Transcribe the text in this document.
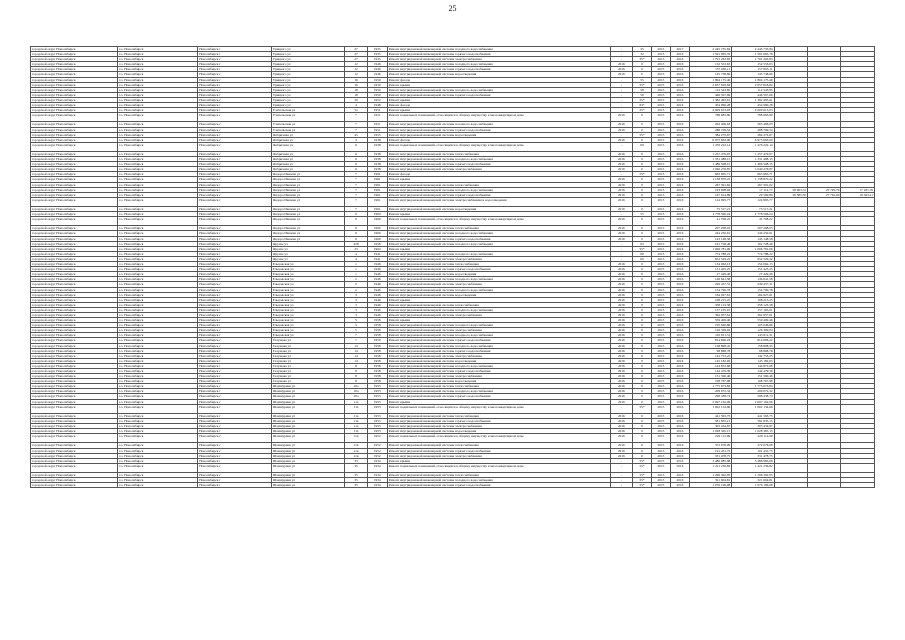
25
городской округ Новосибирск	г.о. Новосибирск	Новосибирск г	Урицкого ул	27	1935	Ремонт внутридомовой инженерной системы холодного водоснабжения	-	35	2015	2017	2 245 735,84	2 245 735,84			
городской округ Новосибирск	г.о. Новосибирск	Новосибирск г	Урицкого ул	27	1935	Ремонт внутридомовой инженерной системы горячего водоснабжения	-	32	2015	2016	1 591 065,76	1 591 065,76			
городской округ Новосибирск	г.о. Новосибирск	Новосибирск г	Урицкого ул	27	1935	Ремонт внутридомовой инженерной системы электроснабжения	-	35*	2015	2016	1 791 263,83	1 791 263,83			
городской округ Новосибирск	г.о. Новосибирск	Новосибирск г	Урицкого ул	12	1946	Ремонт внутридомовой инженерной системы холодного водоснабжения	2016	0	2015	2016	152 553,63	152 553,63			
городской округ Новосибирск	г.о. Новосибирск	Новосибирск г	Урицкого ул	12	1946	Ремонт внутридомовой инженерной системы горячего водоснабжения	2016	0	2015	2016	157 065,11	157 065,11			
городской округ Новосибирск	г.о. Новосибирск	Новосибирск г	Урицкого ул	12	1946	Ремонт внутридомовой инженерной системы водоотведения	2016	0	2015	2016	145 738,69	145 738,69			
городской округ Новосибирск	г.о. Новосибирск	Новосибирск г	Урицкого ул	16	1950	Ремонт фасада	-	55	2015	2016	1 804 175,46	1 804 175,46			
городской округ Новосибирск	г.о. Новосибирск	Новосибирск г	Урицкого ул	16	1950	Ремонт крыши	-	55*	2015	2016	2 657 818,84	2 657 818,84			
городской округ Новосибирск	г.о. Новосибирск	Новосибирск г	Урицкого ул	18	1950	Ремонт внутридомовой инженерной системы холодного водоснабжения	-	58	2015	2016	112 543,85	112 543,85			
городской округ Новосибирск	г.о. Новосибирск	Новосибирск г	Урицкого ул	18	1950	Ремонт внутридомовой инженерной системы горячего водоснабжения	-	59	2015	2016	446 507,69	446 507,69			
городской округ Новосибирск	г.о. Новосибирск	Новосибирск г	Урицкого ул	20	1952	Ремонт крыши	-	55*	2015	2016	1 382 493,61	1 382 493,61			
городской округ Новосибирск	г.о. Новосибирск	Новосибирск г	Урицкого ул	4	1948	Ремонт фасада	-	63*	2015	2016	454 990,28	454 990,28			
городской округ Новосибирск	г.о. Новосибирск	Новосибирск г	Учительская ул	5а	1951	Ремонт крыши	-	55*	2015	2016	4 609 613,03	4 609 613,03			
городской округ Новосибирск	г.о. Новосибирск	Новосибирск г	Учительская ул	7	1951	Ремонт подвальных помещений, относящихся к общему имуществу в многоквартирном доме	2016	0	2015	2016	788 683,80	788 683,80			
городской округ Новосибирск	г.о. Новосибирск	Новосибирск г	Учительская ул	7	1951	Ремонт внутридомовой инженерной системы холодного водоснабжения	2016	0	2015	2016	263 406,63	263 406,63			
городской округ Новосибирск	г.о. Новосибирск	Новосибирск г	Учительская ул	7	1951	Ремонт внутридомовой инженерной системы горячего водоснабжения	2016	0	2015	2016	288 709,54	288 709,54			
городской округ Новосибирск	г.о. Новосибирск	Новосибирск г	Фабричная ул	45	1955	Ремонт внутридомовой инженерной системы водоотведения	-	55*	2015	2016	384 272,67	384 272,67			
городской округ Новосибирск	г.о. Новосибирск	Новосибирск г	Фабричная ул	4	1938	Ремонт фасада	2016	0	2015	2016	6 975 663,00	6 975 663,00			
городской округ Новосибирск	г.о. Новосибирск	Новосибирск г	Фабричная ул	6	1938	Ремонт подвальных помещений, относящихся к общему имуществу в многоквартирном доме	-	69	2015	2016	1 476 222,14	1 476 222,14			
городской округ Новосибирск	г.о. Новосибирск	Новосибирск г	Фабричная ул	6	1938	Ремонт внутридомовой инженерной системы теплоснабжения	2016	0	2015	2016	1 257 479,97	1 257 479,97			
городской округ Новосибирск	г.о. Новосибирск	Новосибирск г	Фабричная ул	6	1938	Ремонт внутридомовой инженерной системы холодного водоснабжения	2016	0	2015	2016	1 331 488,15	1 331 488,15			
городской округ Новосибирск	г.о. Новосибирск	Новосибирск г	Фабричная ул	6	1938	Ремонт внутридомовой инженерной системы горячего водоснабжения	2016	0	2015	2016	1 486 508,15	1 486 508,15			
городской округ Новосибирск	г.о. Новосибирск	Новосибирск г	Фабричная ул	6	1938	Ремонт внутридомовой инженерной системы электроснабжения	2016	0	2015	2016	1 040 276,87	1 040 276,87			
городской округ Новосибирск	г.о. Новосибирск	Новосибирск г	Федора Ивачева ул	7	1961	Ремонт фасада	-	55*	2015	2016	663 965,71	663 965,71			
городской округ Новосибирск	г.о. Новосибирск	Новосибирск г	Федора Ивачева ул	7	1961	Ремонт крыши	2016	0	2015	2016	1 138 870,22	1 138 870,22			
городской округ Новосибирск	г.о. Новосибирск	Новосибирск г	Федора Ивачева ул	7	1961	Ремонт внутридомовой инженерной системы теплоснабжения	2016	0	2015	2016	267 391,62	267 391,62			
городской округ Новосибирск	г.о. Новосибирск	Новосибирск г	Федора Ивачева ул	7	1961	Ремонт внутридомовой инженерной системы холодного водоснабжения	2016	0	2015	2016	193 908,94	17 114,77	28 903,72	20 705,79	17 181,76
городской округ Новосибирск	г.о. Новосибирск	Новосибирск г	Федора Ивачева ул	7	1961	Ремонт внутридомовой инженерной системы горячего водоснабжения	2016	0	2015	2016	167 914,89	29 590,89	26 585,50	27 761,00	16 563,21
городской округ Новосибирск	г.о. Новосибирск	Новосибирск г	Федора Ивачева ул	7	1961	Ремонт внутридомовой инженерной системы электроснабжения и водоотведения	2016	0	2015	2016	124 995,77	124 995,77			
городской округ Новосибирск	г.о. Новосибирск	Новосибирск г	Федора Ивачева ул	7	1961	Ремонт внутридомовой инженерной системы водоотведения	2016	0	2015	2016	75 517,21	75 517,21			
городской округ Новосибирск	г.о. Новосибирск	Новосибирск г	Федора Ивачева ул	9	1960	Ремонт крыши	-	55	2015	2016	1 778 506,24	1 778 506,24			
городской округ Новосибирск	г.о. Новосибирск	Новосибирск г	Федора Ивачева ул	9	1960	Ремонт подвальных помещений, относящихся к общему имуществу в многоквартирном доме	2016	0	2015	2016	41 708,22	41 708,22			
городской округ Новосибирск	г.о. Новосибирск	Новосибирск г	Федора Ивачева ул	9	1960	Ремонт внутридомовой инженерной системы теплоснабжения	2016	0	2015	2016	207 268,03	207 268,03			
городской округ Новосибирск	г.о. Новосибирск	Новосибирск г	Федора Ивачева ул	9	1960	Ремонт внутридомовой инженерной системы холодного водоснабжения	2016	0	2015	2016	244 250,61	244 250,61			
городской округ Новосибирск	г.о. Новосибирск	Новосибирск г	Федора Ивачева ул	9	1960	Ремонт внутридомовой инженерной системы горячего водоснабжения	2016	0	2015	2016	143 148,58	143 148,58			
городской округ Новосибирск	г.о. Новосибирск	Новосибирск г	Фрунзе ул	228	1958	Ремонт внутридомовой инженерной системы холодного водоснабжения	-	63	2015	2016	191 728,49	191 728,49			
городской округ Новосибирск	г.о. Новосибирск	Новосибирск г	Фрунзе ул	23	1964	Ремонт крыши	-	55*	2015	2016	1 006 781,06	1 006 781,06			
городской округ Новосибирск	г.о. Новосибирск	Новосибирск г	Фрунзе ул	4	1941	Ремонт внутридомовой инженерной системы холодного водоснабжения	-	60	2015	2016	774 788,22	774 788,22			
городской округ Новосибирск	г.о. Новосибирск	Новосибирск г	Фрунзе ул	4	1941	Ремонт внутридомовой инженерной системы электроснабжения	-	60	2015	2016	652 529,22	652 529,22			
городской округ Новосибирск	г.о. Новосибирск	Новосибирск г	Ельцовская ул	1	1946	Ремонт внутридомовой инженерной системы теплоснабжения	2016	0	2015	2016	154 062,13	154 062,13			
городской округ Новосибирск	г.о. Новосибирск	Новосибирск г	Ельцовская ул	1	1946	Ремонт внутридомовой инженерной системы горячего водоснабжения	2016	0	2015	2016	151 425,25	151 425,25			
городской округ Новосибирск	г.о. Новосибирск	Новосибирск г	Ельцовская ул	1	1946	Ремонт внутридомовой инженерной системы водоотведения	2016	0	2015	2016	27 429,46	27 429,46			
городской округ Новосибирск	г.о. Новосибирск	Новосибирск г	Ельцовская ул	2	1946	Ремонт внутридомовой инженерной системы холодного водоснабжения	2016	0	2015	2016	146 641,58	146 641,58			
городской округ Новосибирск	г.о. Новосибирск	Новосибирск г	Ельцовская ул	2	1946	Ремонт внутридомовой инженерной системы электроснабжения	2016	0	2015	2016	249 457,31	249 457,31			
городской округ Новосибирск	г.о. Новосибирск	Новосибирск г	Ельцовская ул	2	1946	Ремонт внутридомовой инженерной системы холодного водоснабжения	2016	0	2015	2016	154 790,78	154 790,78			
городской округ Новосибирск	г.о. Новосибирск	Новосибирск г	Ельцовская ул	3	1946	Ремонт внутридомовой инженерной системы водоотведения	2016	0	2015	2016	164 927,61	164 927,61			
городской округ Новосибирск	г.о. Новосибирск	Новосибирск г	Ельцовская ул	3	1946	Ремонт крыши	2016	0	2015	2016	198 215,25	198 215,25			
городской округ Новосибирск	г.о. Новосибирск	Новосибирск г	Ельцовская ул	3	1946	Ремонт внутридомовой инженерной системы теплоснабжения	2016	0	2015	2016	358 123,58	358 123,58			
городской округ Новосибирск	г.о. Новосибирск	Новосибирск г	Ельцовская ул	3	1946	Ремонт внутридомовой инженерной системы холодного водоснабжения	2016	0	2015	2016	157 105,01	157 105,01			
городской округ Новосибирск	г.о. Новосибирск	Новосибирск г	Ельцовская ул	3	1946	Ремонт внутридомовой инженерной системы электроснабжения	2016	0	2015	2016	362 957,61	362 957,61			
городской округ Новосибирск	г.о. Новосибирск	Новосибирск г	Ельцовская ул	5	1958	Ремонт крыши	2016	0	2015	2016	559 409,46	559 409,46			
городской округ Новосибирск	г.о. Новосибирск	Новосибирск г	Ельцовская ул	5	1958	Ремонт внутридомовой инженерной системы холодного водоснабжения	2016	0	2015	2016	195 646,86	195 646,86			
городской округ Новосибирск	г.о. Новосибирск	Новосибирск г	Ельцовская ул	5	1958	Ремонт внутридомовой инженерной системы электроснабжения	2016	0	2015	2016	126 309,04	126 309,04			
городской округ Новосибирск	г.о. Новосибирск	Новосибирск г	Ельцовская ул	7	1958	Ремонт внутридомовой инженерной системы холодного водоснабжения	2016	0	2015	2016	145 611,31	145 611,31			
городской округ Новосибирск	г.о. Новосибирск	Новосибирск г	Галущака ул	1	1950	Ремонт внутридомовой инженерной системы горячего водоснабжения	2016	0	2015	2016	814 696,22	814 696,22			
городской округ Новосибирск	г.о. Новосибирск	Новосибирск г	Галущака ул	14	1958	Ремонт внутридомовой инженерной системы холодного водоснабжения	2016	0	2015	2016	158 898,45	158 898,45			
городской округ Новосибирск	г.о. Новосибирск	Новосибирск г	Галущака ул	14	1958	Ремонт внутридомовой инженерной системы горячего водоснабжения	2016	0	2015	2016	98 868,78	98 868,78			
городской округ Новосибирск	г.о. Новосибирск	Новосибирск г	Галущака ул	14	1958	Ремонт внутридомовой инженерной системы электроснабжения	2016	0	2015	2016	142 753,25	142 753,25			
городской округ Новосибирск	г.о. Новосибирск	Новосибирск г	Галущака ул	14	1958	Ремонт внутридомовой инженерной системы водоотведения	2016	0	2015	2016	145 182,05	145 182,05			
городской округ Новосибирск	г.о. Новосибирск	Новосибирск г	Галущака ул	8	1958	Ремонт внутридомовой инженерной системы холодного водоснабжения	2016	0	2015	2016	144 872,68	144 872,68			
городской округ Новосибирск	г.о. Новосибирск	Новосибирск г	Галущака ул	8	1958	Ремонт внутридомовой инженерной системы горячего водоснабжения	2016	0	2015	2016	142 479,39	142 479,39			
городской округ Новосибирск	г.о. Новосибирск	Новосибирск г	Галущака ул	8	1958	Ремонт внутридомовой инженерной системы электроснабжения	2016	0	2015	2016	151 590,46	151 590,46			
городской округ Новосибирск	г.о. Новосибирск	Новосибирск г	Галущака ул	8	1958	Ремонт внутридомовой инженерной системы водоотведения	2016	0	2015	2016	108 767,98	108 767,98			
городской округ Новосибирск	г.о. Новосибирск	Новосибирск г	Шамшурина ул	10а	1953	Ремонт внутридомовой инженерной системы теплоснабжения	2016	0	2015	2016	1 775 673,84	1 775 673,84			
городской округ Новосибирск	г.о. Новосибирск	Новосибирск г	Шамшурина ул	10а	1953	Ремонт внутридомовой инженерной системы холодного водоснабжения	2016	0	2015	2016	209 672,32	209 672,32			
городской округ Новосибирск	г.о. Новосибирск	Новосибирск г	Шамшурина ул	10а	1953	Ремонт внутридомовой инженерной системы горячего водоснабжения	2016	0	2015	2016	298 438,74	298 438,74			
городской округ Новосибирск	г.о. Новосибирск	Новосибирск г	Шамшурина ул	11а	1953	Ремонт крыши	2016	0	2015	2016	2 097 162,06	2 097 162,06			
городской округ Новосибирск	г.о. Новосибирск	Новосибирск г	Шамшурина ул	11а	1953	Ремонт подвальных помещений, относящихся к общему имуществу в многоквартирном доме	-	55*	2015	2016	1 002 134,66	1 002 134,66			
городской округ Новосибирск	г.о. Новосибирск	Новосибирск г	Шамшурина ул	11а	1953	Ремонт внутридомовой инженерной системы теплоснабжения	2016	0	2015	2016	441 593,75	441 593,75			
городской округ Новосибирск	г.о. Новосибирск	Новосибирск г	Шамшурина ул	11а	1953	Ремонт внутридомовой инженерной системы горячего водоснабжения	2016	0	2015	2016	581 835,15	581 835,15			
городской округ Новосибирск	г.о. Новосибирск	Новосибирск г	Шамшурина ул	11а	1953	Ремонт внутридомовой инженерной системы электроснабжения	2016	0	2015	2016	303 434,87	303 434,87			
городской округ Новосибирск	г.о. Новосибирск	Новосибирск г	Шамшурина ул	11а	1953	Ремонт внутридомовой инженерной системы водоотведения	2016	0	2015	2016	1 028 365,15	1 028 365,15			
городской округ Новосибирск	г.о. Новосибирск	Новосибирск г	Шамшурина ул	11в	1952	Ремонт подвальных помещений, относящихся к общему имуществу в многоквартирном доме	2016	0	2015	2016	229 112,69	229 112,69			
городской округ Новосибирск	г.о. Новосибирск	Новосибирск г	Шамшурина ул	11в	1952	Ремонт внутридомовой инженерной системы теплоснабжения	2016	0	2015	2016	372 076,09	372 076,09			
городской округ Новосибирск	г.о. Новосибирск	Новосибирск г	Шамшурина ул	11в	1952	Ремонт внутридомовой инженерной системы горячего водоснабжения	2016	0	2015	2016	191 431,75	191 431,75			
городской округ Новосибирск	г.о. Новосибирск	Новосибирск г	Шамшурина ул	11в	1952	Ремонт внутридомовой инженерной системы электроснабжения	2016	0	2015	2016	331 478,75	331 478,75			
городской округ Новосибирск	г.о. Новосибирск	Новосибирск г	Шамшурина ул	33	1934	Ремонт крыши	-	55*	2015	2016	3 486 985,08	3 486 985,08			
городской округ Новосибирск	г.о. Новосибирск	Новосибирск г	Шамшурина ул	35	1934	Ремонт подвальных помещений, относящихся к общему имуществу в многоквартирном доме	-	55*	2015	2016	1 221 236,82	1 221 236,82			
городской округ Новосибирск	г.о. Новосибирск	Новосибирск г	Шамшурина ул	35	1934	Ремонт внутридомовой инженерной системы теплоснабжения	-	55*	2015	2016	1 296 392,95	1 296 392,95			
городской округ Новосибирск	г.о. Новосибирск	Новосибирск г	Шамшурина ул	35	1934	Ремонт внутридомовой инженерной системы холодного водоснабжения	-	55*	2015	2016	321 604,81	321 604,81			
городской округ Новосибирск	г.о. Новосибирск	Новосибирск г	Шамшурина ул	35	1934	Ремонт внутридомовой инженерной системы горячего водоснабжения	-	55*	2015	2016	1 076 196,08	1 076 196,08			
